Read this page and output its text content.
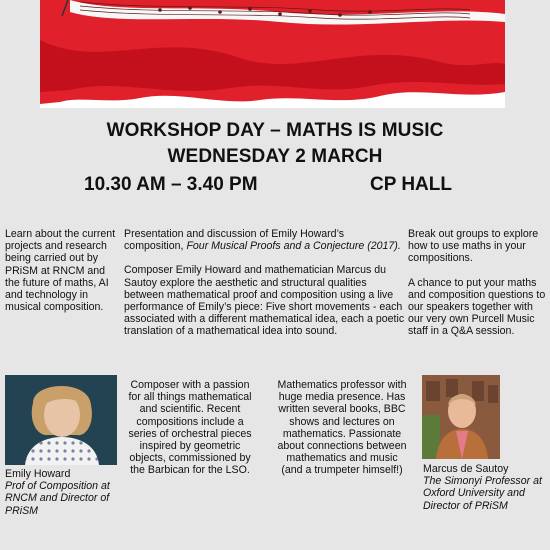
WORKSHOP DAY – MATHS IS MUSIC
WEDNESDAY 2 MARCH
10.30 AM – 3.40 PM	CP HALL

Learn about the current projects and research being carried out by PRiSM at RNCM and the future of maths, AI and technology in musical composition.

Presentation and discussion of Emily Howard’s composition, Four Musical Proofs and a Conjecture (2017).

Composer Emily Howard and mathematician Marcus du Sautoy explore the aesthetic and structural qualities between mathematical proof and composition using a live performance of Emily’s piece: Five short movements - each associated with a different mathematical idea, each a poetic translation of a mathematical idea into sound.

Break out groups to explore how to use maths in your compositions.

A chance to put your maths and composition questions to our speakers together with our very own Purcell Music staff in a Q&A session.

Emily Howard
Prof of Composition at RNCM and Director of PRiSM
Composer with a passion for all things mathematical and scientific. Recent compositions include a series of orchestral pieces inspired by geometric objects, commissioned by the Barbican for the LSO.
Mathematics professor with huge media presence. Has written several books, BBC shows and lectures on mathematics. Passionate about connections between mathematics and music (and a trumpeter himself!)	Marcus de Sautoy
The Simonyi Professor at Oxford University and Director of PRiSM
